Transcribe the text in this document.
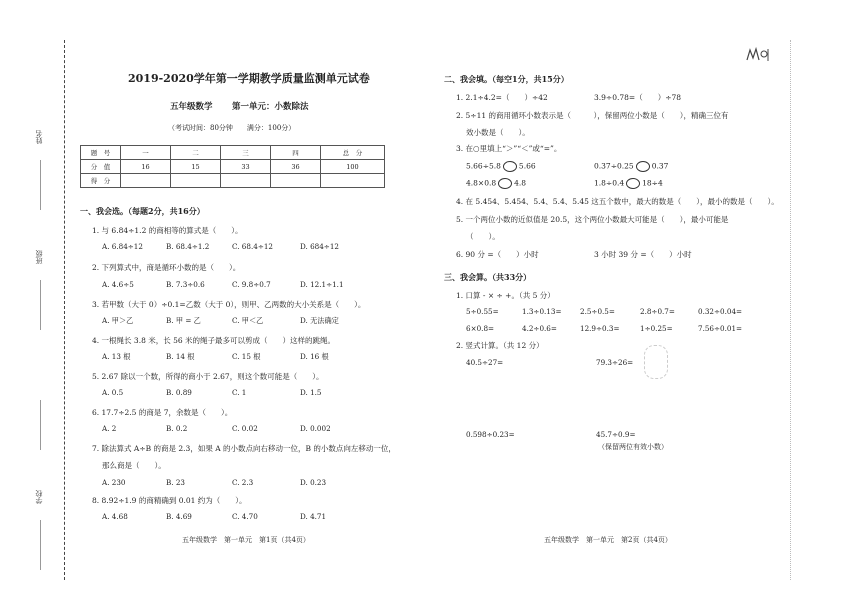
姓名
班级
学校
2019-2020学年第一学期教学质量监测单元试卷
五年级数学 第一单元：小数除法
（考试时间：80分钟　　满分：100分）
题　号	一	二	三	四	总　分
分　值	16	15	33	36	100
得　分					
一、我会选。（每题2分，共16分）
1. 与 6.84÷1.2 的商相等的算式是（　　）。
A. 6.84÷12	B. 68.4÷1.2	C. 68.4÷12	D. 684÷12
2. 下列算式中，商是循环小数的是（　　）。
A. 4.6÷5	B. 7.3÷0.6	C. 9.8÷0.7	D. 12.1÷1.1
3. 若甲数（大于 0）÷0.1=乙数（大于 0），则甲、乙两数的大小关系是（　　）。
A. 甲＞乙	B. 甲 = 乙	C. 甲＜乙	D. 无法确定
4. 一根绳长 3.8 米，长 56 米的绳子最多可以剪成（　　）这样的跳绳。
A. 13 根	B. 14 根	C. 15 根	D. 16 根
5. 2.67 除以一个数，所得的商小于 2.67，则这个数可能是（　　）。
A. 0.5	B. 0.89	C. 1	D. 1.5
6. 17.7÷2.5 的商是 7，余数是（　　）。
A. 2	B. 0.2	C. 0.02	D. 0.002
7. 除法算式 A÷B 的商是 2.3，如果 A 的小数点向右移动一位，B 的小数点向左移动一位，
那么商是（　　）。
A. 230	B. 23	C. 2.3	D. 0.23
8. 8.92÷1.9 的商精确到 0.01 约为（　　）。
A. 4.68	B. 4.69	C. 4.70	D. 4.71
五年级数学　第一单元　第1页（共4页）
二、我会填。（每空1分，共15分）
1. 2.1÷4.2=（　　）÷42	3.9÷0.78=（　　）÷78
2. 5÷11 的商用循环小数表示是（　　　），保留两位小数是（　　），精确三位有
效小数是（　　）。
3. 在○里填上“＞”“＜”或“=”。
5.66÷5.8 5.66	0.37÷0.25 0.37
4.8×0.8 4.8	1.8÷0.4 18÷4
4. 在 5.454、5.454̇、5.4、5.4̇、5.4̇5̇ 这五个数中，最大的数是（　　），最小的数是（　　）。
5. 一个两位小数的近似值是 20.5，这个两位小数最大可能是（　　），最小可能是
（　　）。
6. 90 分 =（　　）小时	3 小时 39 分 =（　　）小时
三、我会算。（共33分）
1. 口算 - × ÷ +。（共 5 分）
5÷0.55=	1.3÷0.13=	2.5÷0.5=	2.8÷0.7=	0.32÷0.04=
6×0.8=	4.2÷0.6=	12.9÷0.3=	1÷0.25=	7.56÷0.01=
2. 竖式计算。（共 12 分）
40.5÷27=	79.3÷26=
0.598÷0.23=	45.7÷0.9=
（保留两位有效小数）
五年级数学　第一单元　第2页（共4页）
